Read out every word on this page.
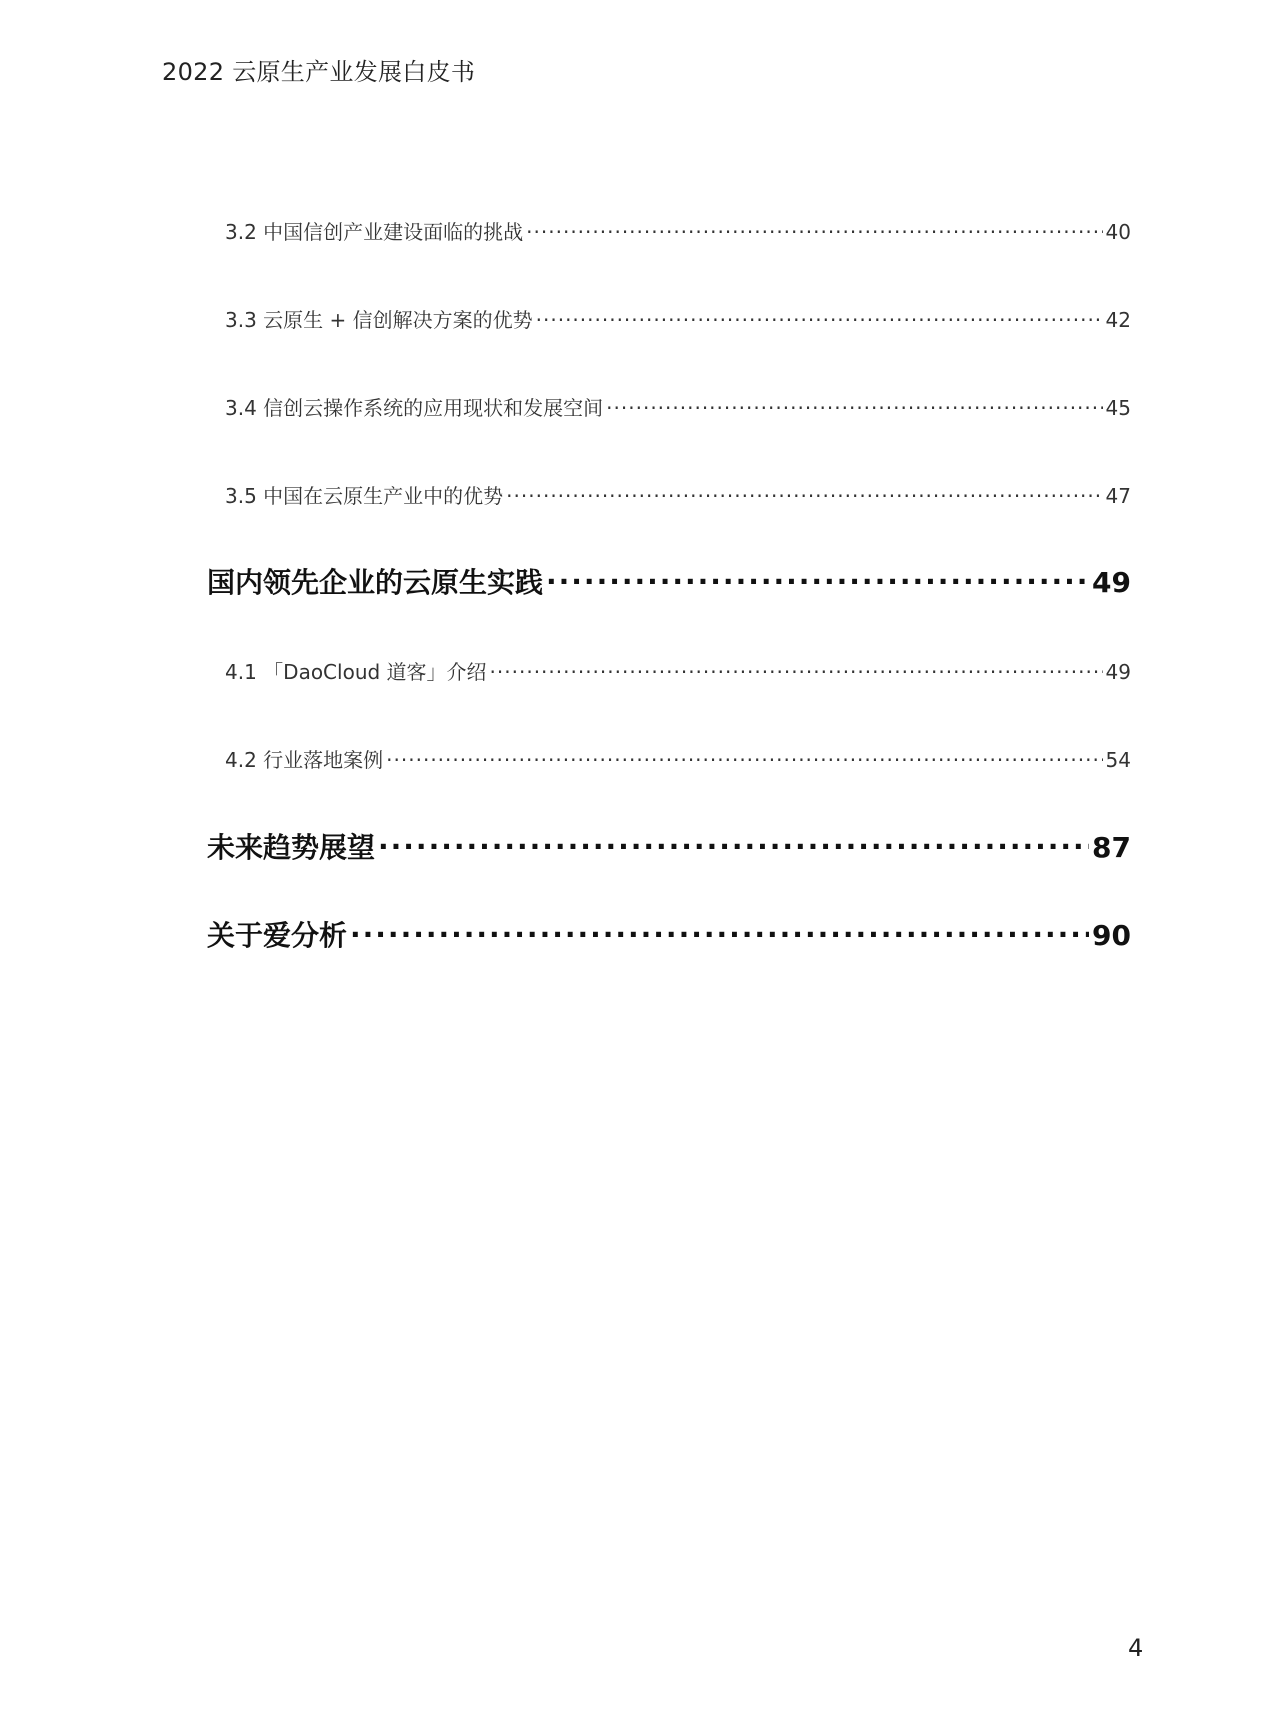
2022 云原生产业发展白皮书
3.2 中国信创产业建设面临的挑战 .....	40
3.3 云原生 + 信创解决方案的优势 .....	42
3.4 信创云操作系统的应用现状和发展空间 .....	45
3.5 中国在云原生产业中的优势 .....	47
国内领先企业的云原生实践 .....	49
4.1 「DaoCloud 道客」介绍 .....	49
4.2 行业落地案例 .....	54
未来趋势展望 .....	87
关于爱分析 .....	90
4
